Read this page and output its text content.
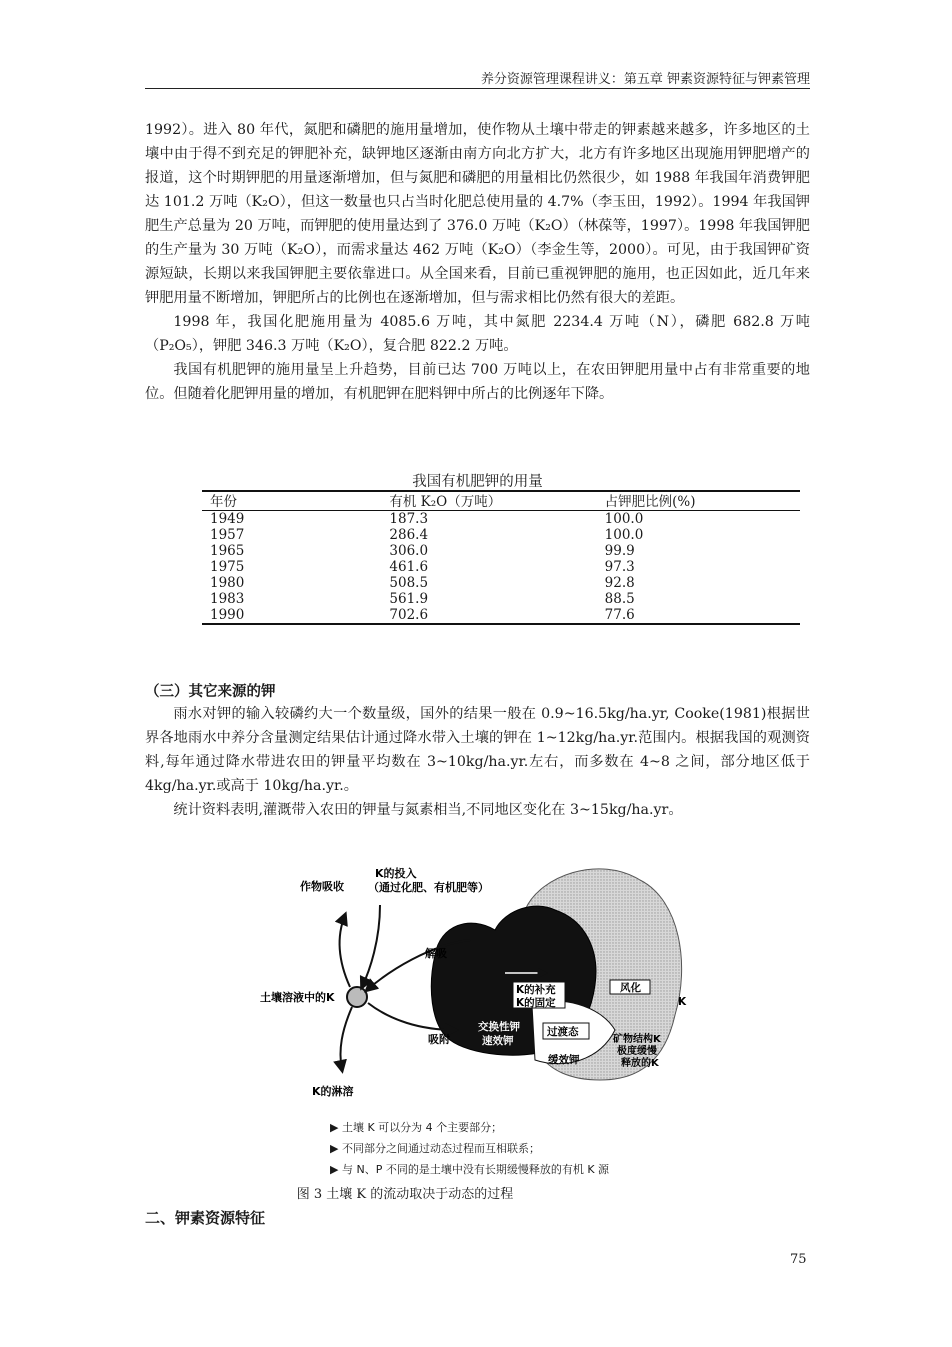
养分资源管理课程讲义：第五章 钾素资源特征与钾素管理

1992）。进入 80 年代，氮肥和磷肥的施用量增加，使作物从土壤中带走的钾素越来越多，许多地区的土壤中由于得不到充足的钾肥补充，缺钾地区逐渐由南方向北方扩大，北方有许多地区出现施用钾肥增产的报道，这个时期钾肥的用量逐渐增加，但与氮肥和磷肥的用量相比仍然很少，如 1988 年我国年消费钾肥达 101.2 万吨（K₂O），但这一数量也只占当时化肥总使用量的 4.7%（李玉田，1992）。1994 年我国钾肥生产总量为 20 万吨，而钾肥的使用量达到了 376.0 万吨（K₂O）（林葆等，1997）。1998 年我国钾肥的生产量为 30 万吨（K₂O），而需求量达 462 万吨（K₂O）（李金生等，2000）。可见，由于我国钾矿资源短缺，长期以来我国钾肥主要依靠进口。从全国来看，目前已重视钾肥的施用，也正因如此，近几年来钾肥用量不断增加，钾肥所占的比例也在逐渐增加，但与需求相比仍然有很大的差距。

1998 年，我国化肥施用量为 4085.6 万吨，其中氮肥 2234.4 万吨（N），磷肥 682.8 万吨（P₂O₅），钾肥 346.3 万吨（K₂O），复合肥 822.2 万吨。

我国有机肥钾的施用量呈上升趋势，目前已达 700 万吨以上，在农田钾肥用量中占有非常重要的地位。但随着化肥钾用量的增加，有机肥钾在肥料钾中所占的比例逐年下降。

我国有机肥钾的用量
年份	有机 K₂O（万吨）	占钾肥比例(%)
1949	187.3	100.0
1957	286.4	100.0
1965	306.0	99.9
1975	461.6	97.3
1980	508.5	92.8
1983	561.9	88.5
1990	702.6	77.6
（三）其它来源的钾

雨水对钾的输入较磷约大一个数量级，国外的结果一般在 0.9~16.5kg/ha.yr, Cooke(1981)根据世界各地雨水中养分含量测定结果估计通过降水带入土壤的钾在 1~12kg/ha.yr.范围内。根据我国的观测资料,每年通过降水带进农田的钾量平均数在 3~10kg/ha.yr.左右，而多数在 4~8 之间，部分地区低于 4kg/ha.yr.或高于 10kg/ha.yr.。

统计资料表明,灌溉带入农田的钾量与氮素相当,不同地区变化在 3~15kg/ha.yr。

作物吸收
K的投入
（通过化肥、有机肥等）
解吸
土壤溶液中的K
K的补充
K的固定
风化
K
交换性钾
速效钾
过渡态
吸附	矿物结构K
极度缓慢
释放的K
缓效钾
K的淋溶
▶ 土壤 K 可以分为 4 个主要部分；
▶ 不同部分之间通过动态过程而互相联系；
▶ 与 N、P 不同的是土壤中没有长期缓慢释放的有机 K 源
图 3 土壤 K 的流动取决于动态的过程
二、钾素资源特征
75
